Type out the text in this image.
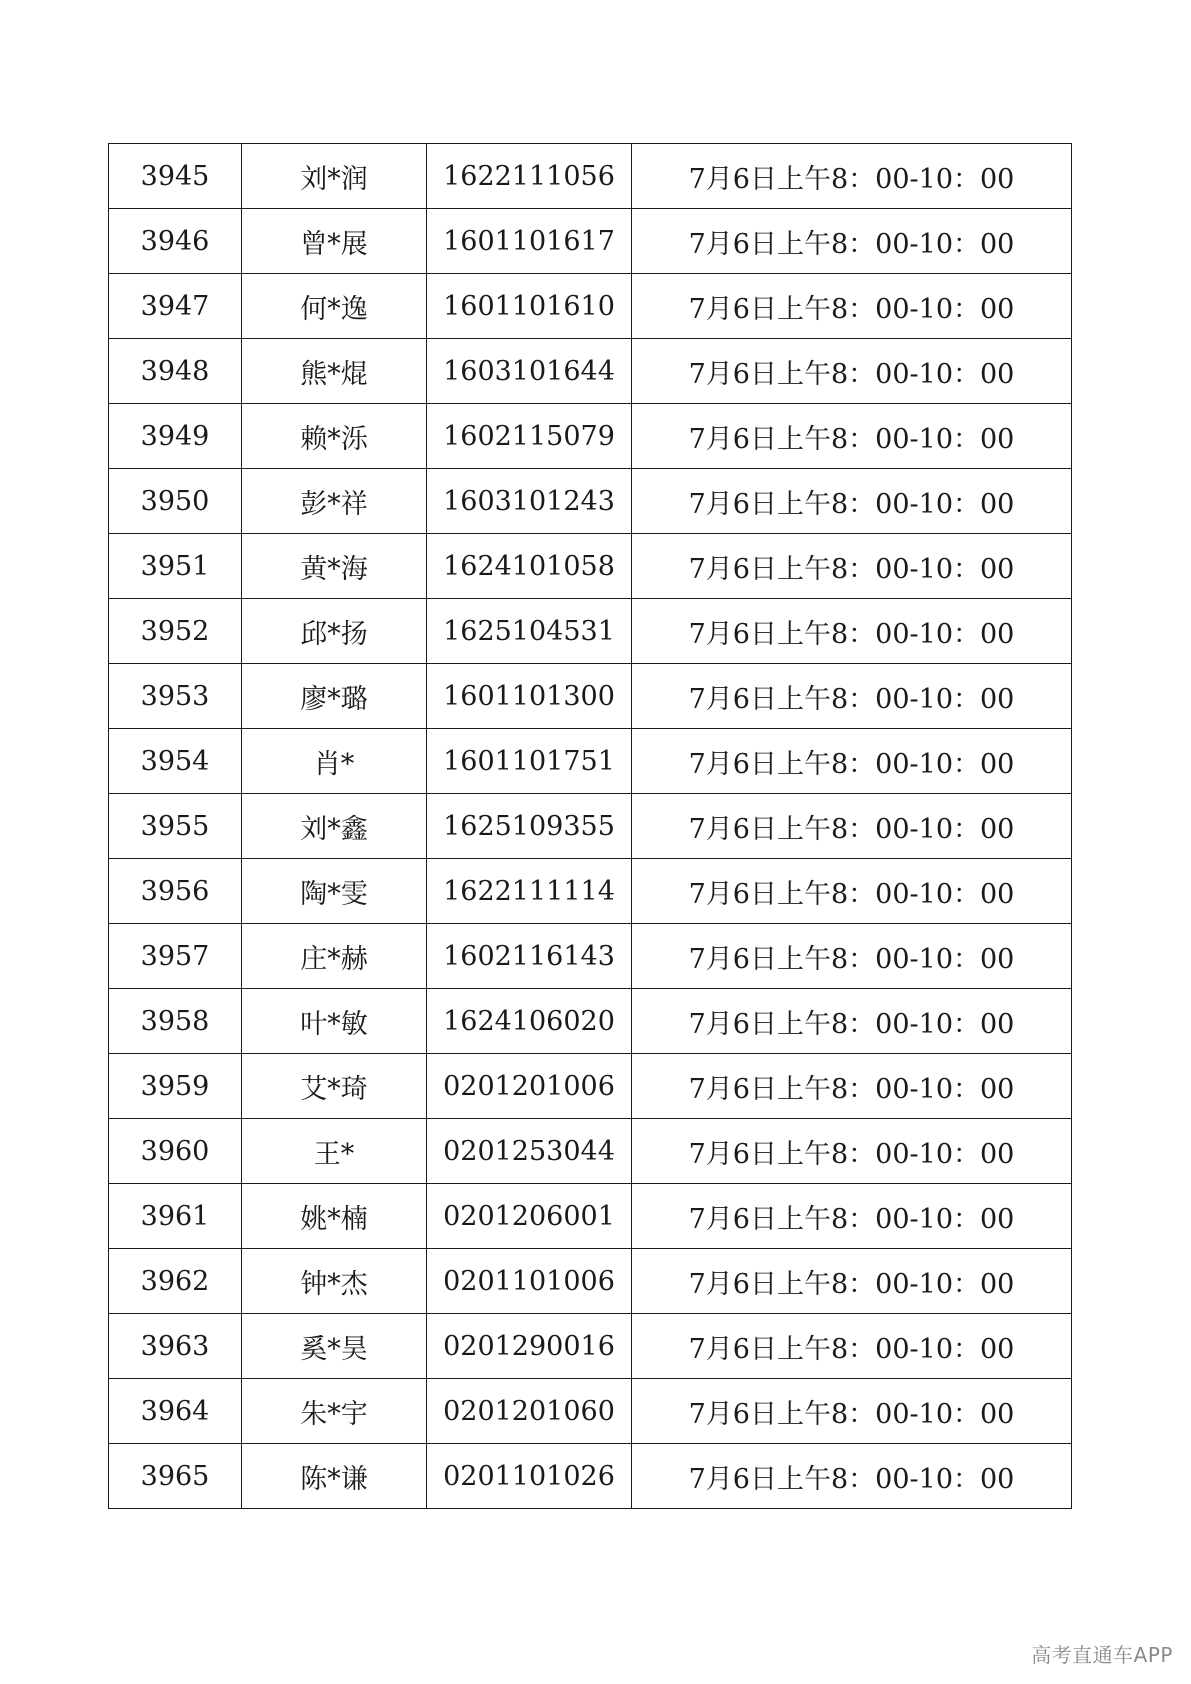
3945	刘*润	1622111056	7月6日上午8：00-10：00
3946	曾*展	1601101617	7月6日上午8：00-10：00
3947	何*逸	1601101610	7月6日上午8：00-10：00
3948	熊*焜	1603101644	7月6日上午8：00-10：00
3949	赖*泺	1602115079	7月6日上午8：00-10：00
3950	彭*祥	1603101243	7月6日上午8：00-10：00
3951	黄*海	1624101058	7月6日上午8：00-10：00
3952	邱*扬	1625104531	7月6日上午8：00-10：00
3953	廖*璐	1601101300	7月6日上午8：00-10：00
3954	肖*	1601101751	7月6日上午8：00-10：00
3955	刘*鑫	1625109355	7月6日上午8：00-10：00
3956	陶*雯	1622111114	7月6日上午8：00-10：00
3957	庄*赫	1602116143	7月6日上午8：00-10：00
3958	叶*敏	1624106020	7月6日上午8：00-10：00
3959	艾*琦	0201201006	7月6日上午8：00-10：00
3960	王*	0201253044	7月6日上午8：00-10：00
3961	姚*楠	0201206001	7月6日上午8：00-10：00
3962	钟*杰	0201101006	7月6日上午8：00-10：00
3963	奚*昊	0201290016	7月6日上午8：00-10：00
3964	朱*宇	0201201060	7月6日上午8：00-10：00
3965	陈*谦	0201101026	7月6日上午8：00-10：00
高考直通车APP
